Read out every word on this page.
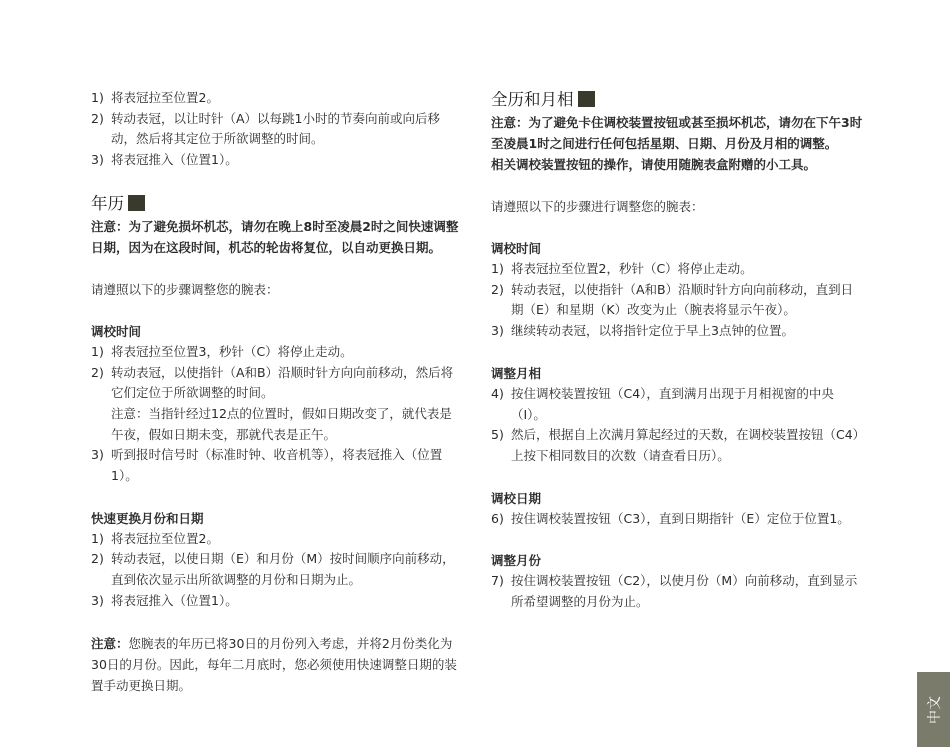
1) 将表冠拉至位置2。
2) 转动表冠，以让时针（A）以每跳1小时的节奏向前或向后移动，然后将其定位于所欲调整的时间。
3) 将表冠推入（位置1）。
年历

注意：为了避免损坏机芯，请勿在晚上8时至凌晨2时之间快速调整日期，因为在这段时间，机芯的轮齿将复位，以自动更换日期。

请遵照以下的步骤调整您的腕表：

调校时间

1) 将表冠拉至位置3，秒针（C）将停止走动。
2) 转动表冠，以使指针（A和B）沿顺时针方向向前移动，然后将它们定位于所欲调整的时间。
注意：当指针经过12点的位置时，假如日期改变了，就代表是午夜，假如日期未变，那就代表是正午。
3) 听到报时信号时（标准时钟、收音机等），将表冠推入（位置1）。

快速更换月份和日期

1) 将表冠拉至位置2。
2) 转动表冠，以使日期（E）和月份（M）按时间顺序向前移动，直到依次显示出所欲调整的月份和日期为止。
3) 将表冠推入（位置1）。

注意：您腕表的年历已将30日的月份列入考虑，并将2月份类化为30日的月份。因此，每年二月底时，您必须使用快速调整日期的装置手动更换日期。

全历和月相

注意：为了避免卡住调校装置按钮或甚至损坏机芯，请勿在下午3时至凌晨1时之间进行任何包括星期、日期、月份及月相的调整。

相关调校装置按钮的操作，请使用随腕表盒附赠的小工具。

请遵照以下的步骤进行调整您的腕表：

调校时间

1) 将表冠拉至位置2，秒针（C）将停止走动。
2) 转动表冠，以使指针（A和B）沿顺时针方向向前移动，直到日期（E）和星期（K）改变为止（腕表将显示午夜）。
3) 继续转动表冠，以将指针定位于早上3点钟的位置。

调整月相

4) 按住调校装置按钮（C4），直到满月出现于月相视窗的中央（I）。
5) 然后，根据自上次满月算起经过的天数，在调校装置按钮（C4）上按下相同数目的次数（请查看日历）。

调校日期

6) 按住调校装置按钮（C3），直到日期指针（E）定位于位置1。

调整月份

7) 按住调校装置按钮（C2），以使月份（M）向前移动，直到显示所希望调整的月份为止。
中文
